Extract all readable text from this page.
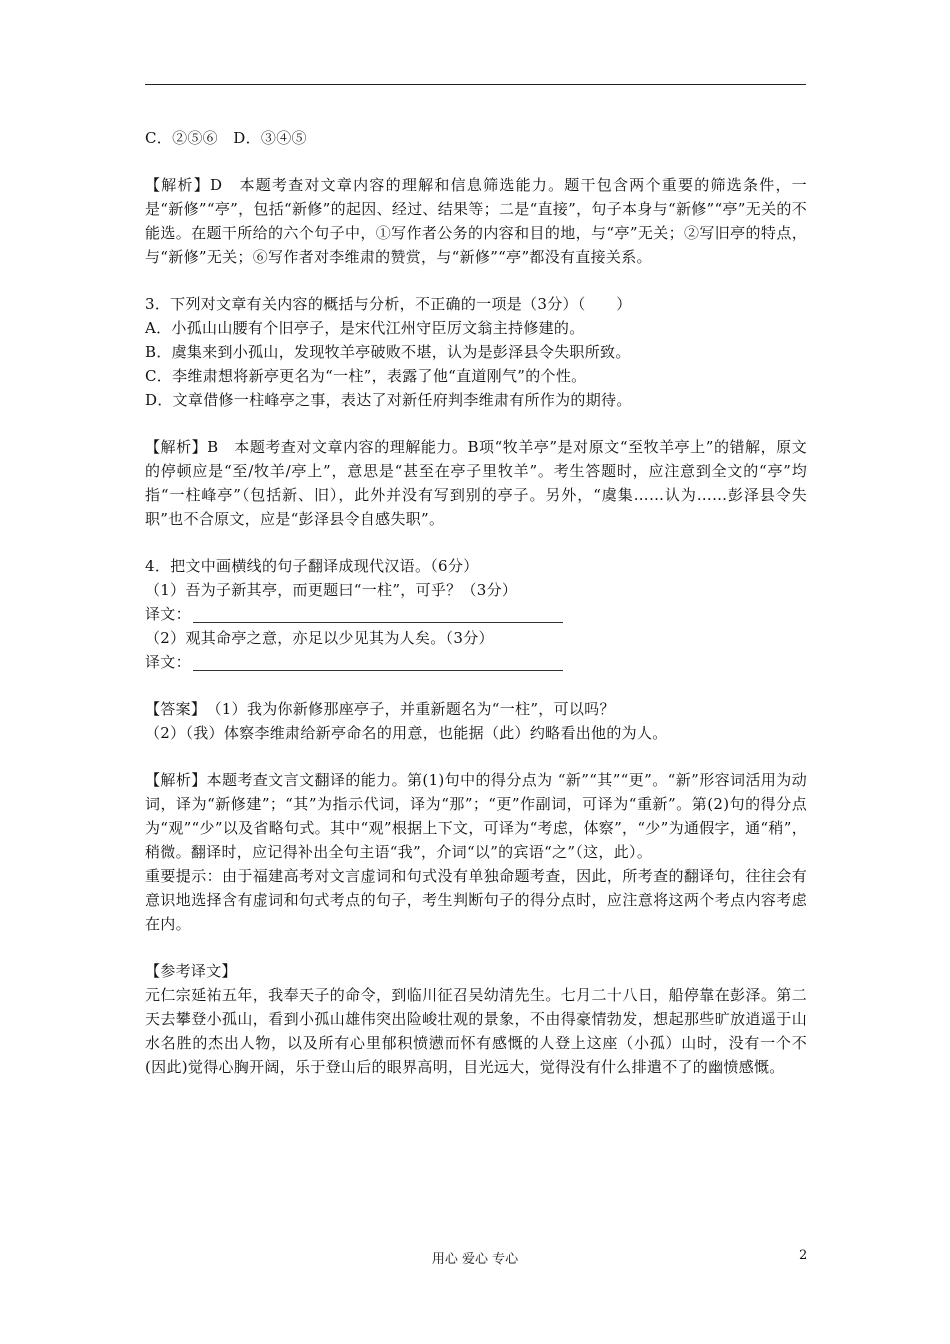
C．②⑤⑥　D．③④⑤

【解析】D　本题考查对文章内容的理解和信息筛选能力。题干包含两个重要的筛选条件，一是“新修”“亭”，包括“新修”的起因、经过、结果等；二是“直接”，句子本身与“新修”“亭”无关的不能选。在题干所给的六个句子中，①写作者公务的内容和目的地，与“亭”无关；②写旧亭的特点，与“新修”无关；⑥写作者对李维肃的赞赏，与“新修”“亭”都没有直接关系。

3．下列对文章有关内容的概括与分析，不正确的一项是（3分）（　　）

A．小孤山山腰有个旧亭子，是宋代江州守臣厉文翁主持修建的。

B．虞集来到小孤山，发现牧羊亭破败不堪，认为是彭泽县令失职所致。

C．李维肃想将新亭更名为“一柱”，表露了他“直道刚气”的个性。

D．文章借修一柱峰亭之事，表达了对新任府判李维肃有所作为的期待。

【解析】B　本题考查对文章内容的理解能力。B项“牧羊亭”是对原文“至牧羊亭上”的错解，原文的停顿应是“至/牧羊/亭上”，意思是“甚至在亭子里牧羊”。考生答题时，应注意到全文的“亭”均指“一柱峰亭”（包括新、旧），此外并没有写到别的亭子。另外，“虞集……认为……彭泽县令失职”也不合原文，应是“彭泽县令自感失职”。

4．把文中画横线的句子翻译成现代汉语。（6分）

（1）吾为子新其亭，而更题曰“一柱”，可乎？（3分）

译文：

（2）观其命亭之意，亦足以少见其为人矣。（3分）

译文：

【答案】　（1）我为你新修那座亭子，并重新题名为“一柱”，可以吗？

（2）（我）体察李维肃给新亭命名的用意，也能据（此）约略看出他的为人。

【解析】本题考查文言文翻译的能力。第(1)句中的得分点为 “新”“其”“更”。“新”形容词活用为动词，译为“新修建”；“其”为指示代词，译为“那”；“更”作副词，可译为“重新”。第(2)句的得分点为“观”“少”以及省略句式。其中“观”根据上下文，可译为“考虑，体察”，“少”为通假字，通“稍”，稍微。翻译时，应记得补出全句主语“我”，介词“以”的宾语“之”（这，此）。

重要提示：由于福建高考对文言虚词和句式没有单独命题考查，因此，所考查的翻译句，往往会有意识地选择含有虚词和句式考点的句子，考生判断句子的得分点时，应注意将这两个考点内容考虑在内。

【参考译文】

元仁宗延祐五年，我奉天子的命令，到临川征召吴幼清先生。七月二十八日，船停靠在彭泽。第二天去攀登小孤山，看到小孤山雄伟突出险峻壮观的景象，不由得豪情勃发，想起那些旷放逍遥于山水名胜的杰出人物，以及所有心里郁积愤懑而怀有感慨的人登上这座（小孤）山时，没有一个不(因此)觉得心胸开阔，乐于登山后的眼界高明，目光远大，觉得没有什么排遣不了的幽愤感慨。

用心 爱心 专心	2
